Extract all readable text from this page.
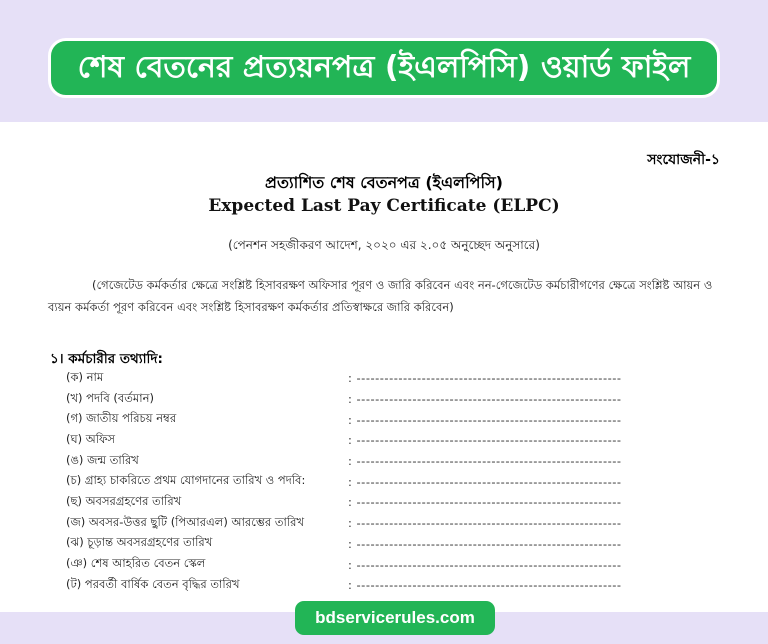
শেষ বেতনের প্রত্যয়নপত্র (ইএলপিসি) ওয়ার্ড ফাইল
সংযোজনী-১
প্রত্যাশিত শেষ বেতনপত্র (ইএলপিসি)
Expected Last Pay Certificate (ELPC)
(পেনশন সহজীকরণ আদেশ, ২০২০ এর ২.০৫ অনুচ্ছেদ অনুসারে)
(গেজেটেড কর্মকর্তার ক্ষেত্রে সংশ্লিষ্ট হিসাবরক্ষণ অফিসার পূরণ ও জারি করিবেন এবং নন-গেজেটেড কর্মচারীগণের ক্ষেত্রে সংশ্লিষ্ট আয়ন ও ব্যয়ন কর্মকর্তা পূরণ করিবেন এবং সংশ্লিষ্ট হিসাবরক্ষণ কর্মকর্তার প্রতিস্বাক্ষরে জারি করিবেন)
১। কর্মচারীর তথ্যাদি:
(ক) নাম	: ---------------------------------------------------------
(খ) পদবি (বর্তমান)	: ---------------------------------------------------------
(গ) জাতীয় পরিচয় নম্বর	: ---------------------------------------------------------
(ঘ) অফিস	: ---------------------------------------------------------
(ঙ) জন্ম তারিখ	: ---------------------------------------------------------
(চ) গ্রাহ্য চাকরিতে প্রথম যোগদানের তারিখ ও পদবি:	: ---------------------------------------------------------
(ছ) অবসরগ্রহণের তারিখ	: ---------------------------------------------------------
(জ) অবসর-উত্তর ছুটি (পিআরএল) আরম্ভের তারিখ	: ---------------------------------------------------------
(ঝ) চূড়ান্ত অবসরগ্রহণের তারিখ	: ---------------------------------------------------------
(ঞ) শেষ আহরিত বেতন স্কেল	: ---------------------------------------------------------
(ট) পরবর্তী বার্ষিক বেতন বৃদ্ধির তারিখ	: ---------------------------------------------------------
bdservicerules.com
